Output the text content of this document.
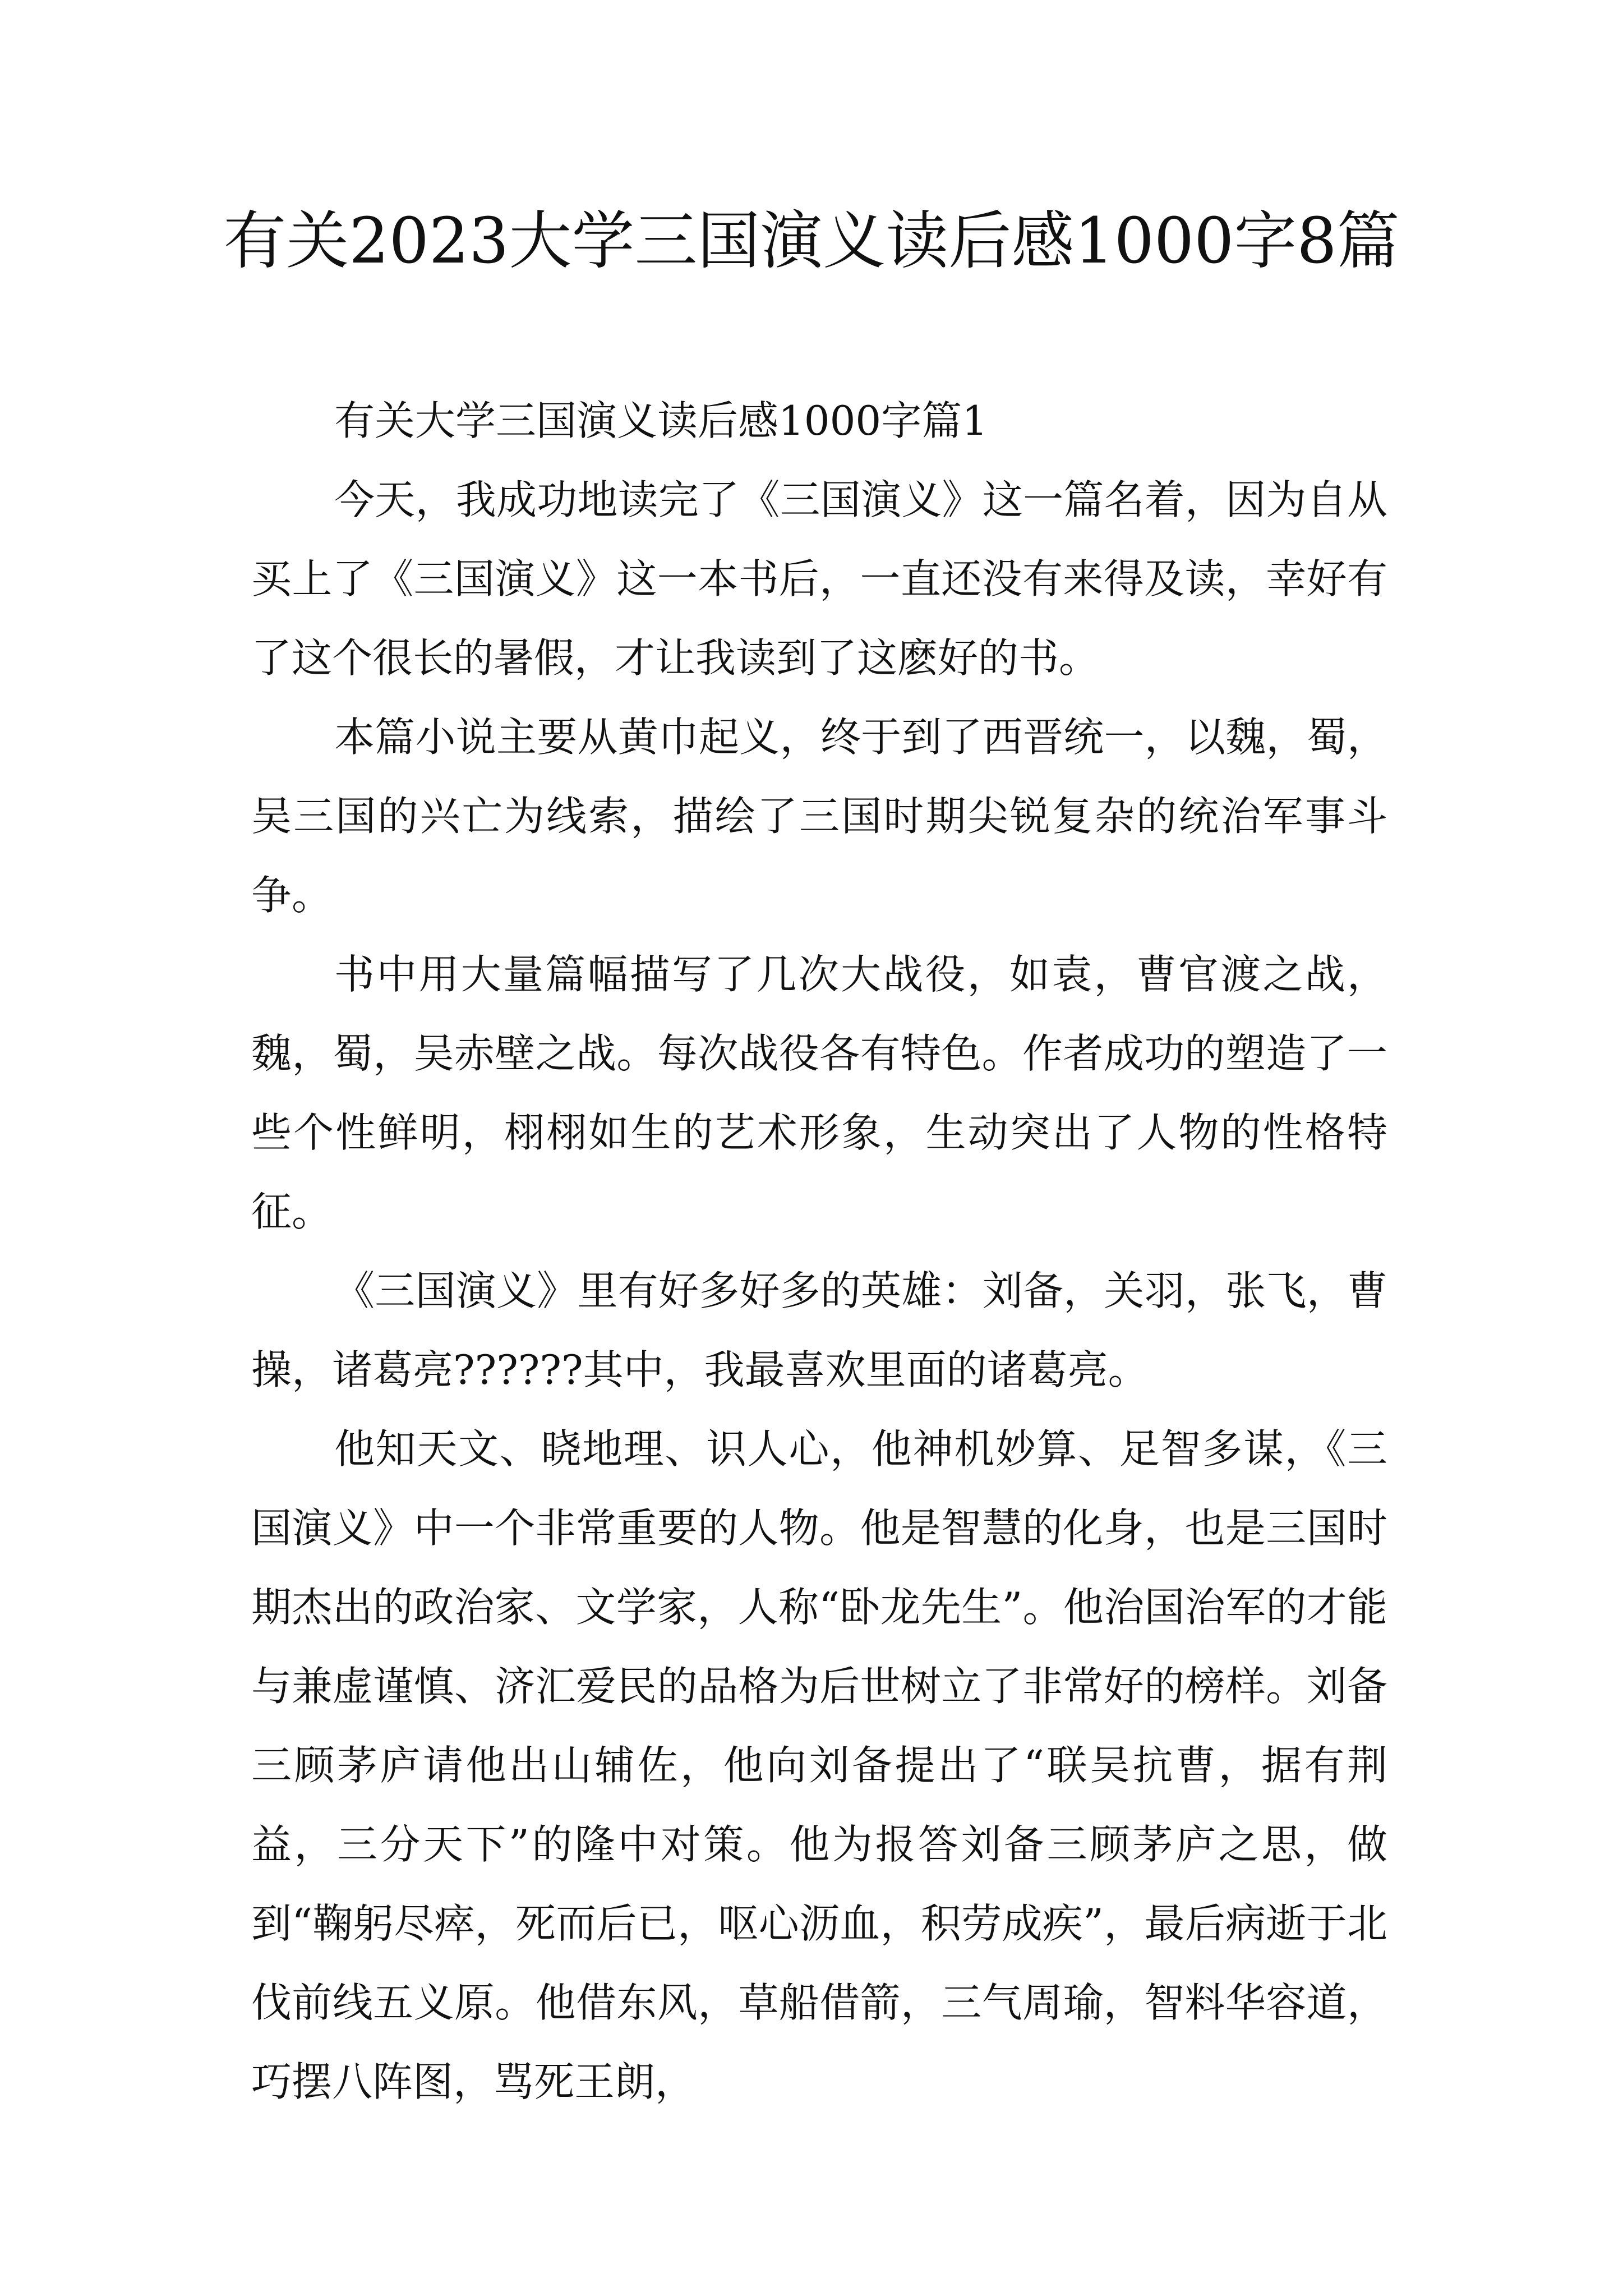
有关2023大学三国演义读后感1000字8篇

有关大学三国演义读后感1000字篇1

今天，我成功地读完了《三国演义》这一篇名着，因为自从买上了《三国演义》这一本书后，一直还没有来得及读，幸好有了这个很长的暑假，才让我读到了这麽好的书。

本篇小说主要从黄巾起义，终于到了西晋统一，以魏，蜀，吴三国的兴亡为线索，描绘了三国时期尖锐复杂的统治军事斗争。

书中用大量篇幅描写了几次大战役，如袁，曹官渡之战，魏，蜀，吴赤壁之战。每次战役各有特色。作者成功的塑造了一些个性鲜明，栩栩如生的艺术形象，生动突出了人物的性格特征。

《三国演义》里有好多好多的英雄：刘备，关羽，张飞，曹操，诸葛亮??????其中，我最喜欢里面的诸葛亮。

他知天文、晓地理、识人心，他神机妙算、足智多谋，《三国演义》中一个非常重要的人物。他是智慧的化身，也是三国时期杰出的政治家、文学家，人称“卧龙先生”。他治国治军的才能与兼虚谨慎、济汇爱民的品格为后世树立了非常好的榜样。刘备三顾茅庐请他出山辅佐，他向刘备提出了“联吴抗曹，据有荆益，三分天下”的隆中对策。他为报答刘备三顾茅庐之思，做到“鞠躬尽瘁，死而后已，呕心沥血，积劳成疾”，最后病逝于北伐前线五义原。他借东风，草船借箭，三气周瑜，智料华容道，巧摆八阵图，骂死王朗，
